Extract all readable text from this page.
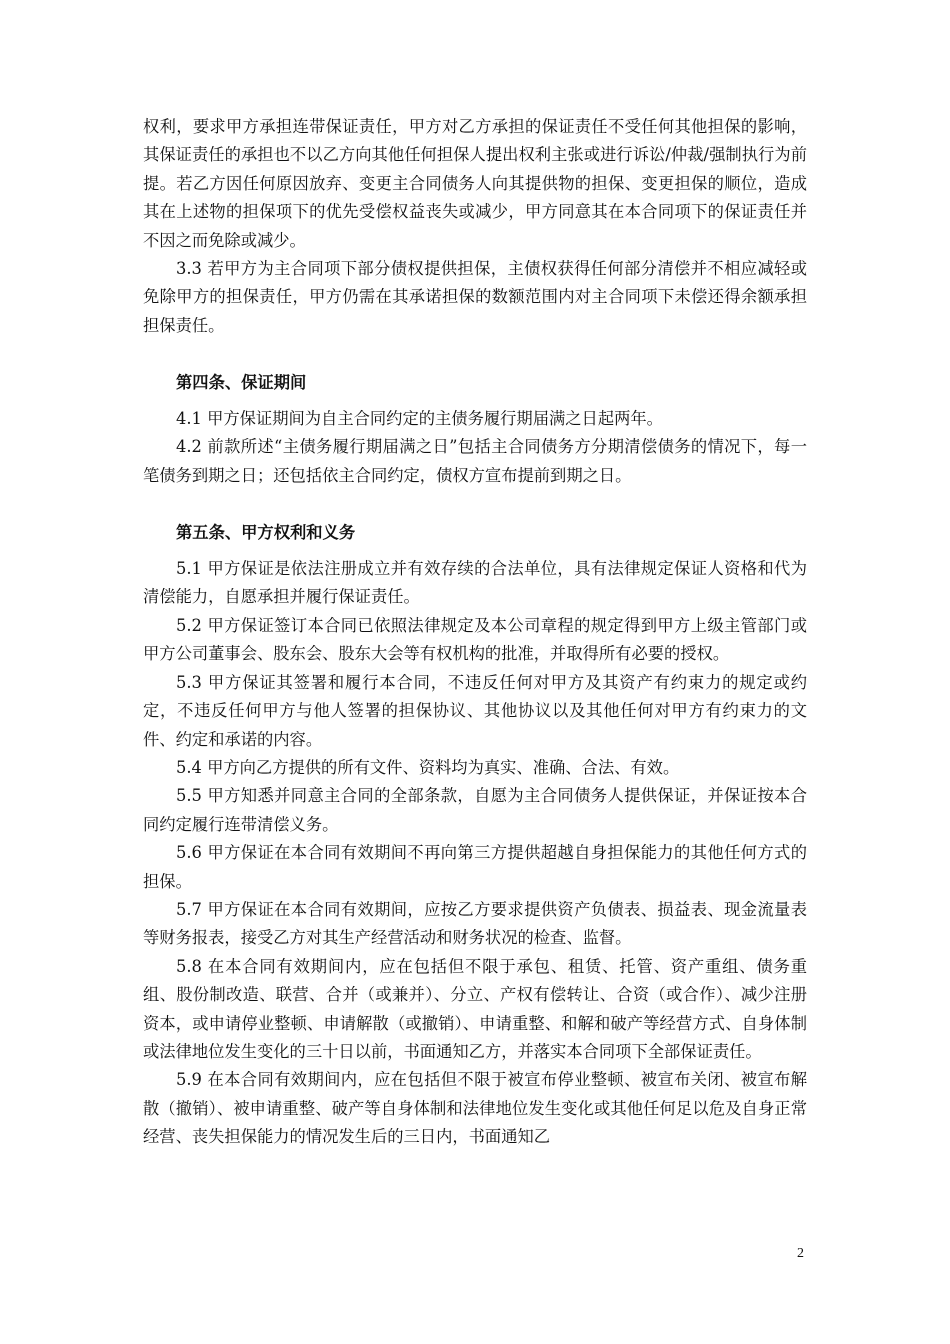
权利，要求甲方承担连带保证责任，甲方对乙方承担的保证责任不受任何其他担保的影响，其保证责任的承担也不以乙方向其他任何担保人提出权利主张或进行诉讼/仲裁/强制执行为前提。若乙方因任何原因放弃、变更主合同债务人向其提供物的担保、变更担保的顺位，造成其在上述物的担保项下的优先受偿权益丧失或减少，甲方同意其在本合同项下的保证责任并不因之而免除或减少。

3.3 若甲方为主合同项下部分债权提供担保，主债权获得任何部分清偿并不相应减轻或免除甲方的担保责任，甲方仍需在其承诺担保的数额范围内对主合同项下未偿还得余额承担担保责任。

第四条、保证期间

4.1 甲方保证期间为自主合同约定的主债务履行期届满之日起两年。

4.2 前款所述“主债务履行期届满之日”包括主合同债务方分期清偿债务的情况下，每一笔债务到期之日；还包括依主合同约定，债权方宣布提前到期之日。

第五条、甲方权利和义务

5.1 甲方保证是依法注册成立并有效存续的合法单位，具有法律规定保证人资格和代为清偿能力，自愿承担并履行保证责任。

5.2 甲方保证签订本合同已依照法律规定及本公司章程的规定得到甲方上级主管部门或甲方公司董事会、股东会、股东大会等有权机构的批准，并取得所有必要的授权。

5.3 甲方保证其签署和履行本合同，不违反任何对甲方及其资产有约束力的规定或约定，不违反任何甲方与他人签署的担保协议、其他协议以及其他任何对甲方有约束力的文件、约定和承诺的内容。

5.4 甲方向乙方提供的所有文件、资料均为真实、准确、合法、有效。

5.5 甲方知悉并同意主合同的全部条款，自愿为主合同债务人提供保证，并保证按本合同约定履行连带清偿义务。

5.6 甲方保证在本合同有效期间不再向第三方提供超越自身担保能力的其他任何方式的担保。

5.7 甲方保证在本合同有效期间，应按乙方要求提供资产负债表、损益表、现金流量表等财务报表，接受乙方对其生产经营活动和财务状况的检查、监督。

5.8 在本合同有效期间内，应在包括但不限于承包、租赁、托管、资产重组、债务重组、股份制改造、联营、合并（或兼并）、分立、产权有偿转让、合资（或合作）、减少注册资本，或申请停业整顿、申请解散（或撤销）、申请重整、和解和破产等经营方式、自身体制或法律地位发生变化的三十日以前，书面通知乙方，并落实本合同项下全部保证责任。

5.9 在本合同有效期间内，应在包括但不限于被宣布停业整顿、被宣布关闭、被宣布解散（撤销）、被申请重整、破产等自身体制和法律地位发生变化或其他任何足以危及自身正常经营、丧失担保能力的情况发生后的三日内，书面通知乙

2
